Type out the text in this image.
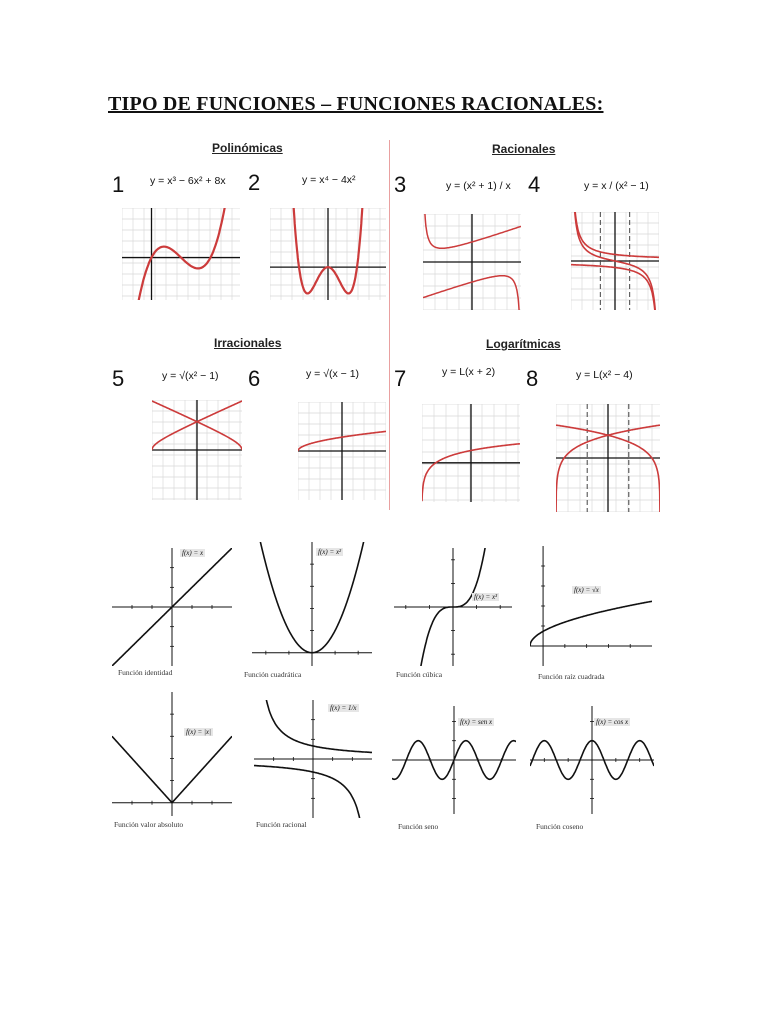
TIPO DE FUNCIONES – FUNCIONES RACIONALES:
Polinómicas	Racionales
Irracionales	Logarítmicas
1 y = x³ − 6x² + 8x 2	y = x⁴ − 4x² 3	y = (x² + 1) / x 4	y = x / (x² − 1)
5	y = √(x² − 1) 6	y = √(x − 1) 7	y = L(x + 2) 8	y = L(x² − 4)
f(x) = x	f(x) = x²
f(x) = x³
f(x) = √x
f(x) = |x|
f(x) = 1/x
f(x) = sen x	f(x) = cos x
Función identidad	Función cuadrática	Función cúbica	Función raíz cuadrada
Función valor absoluto	Función racional	Función seno	Función coseno
